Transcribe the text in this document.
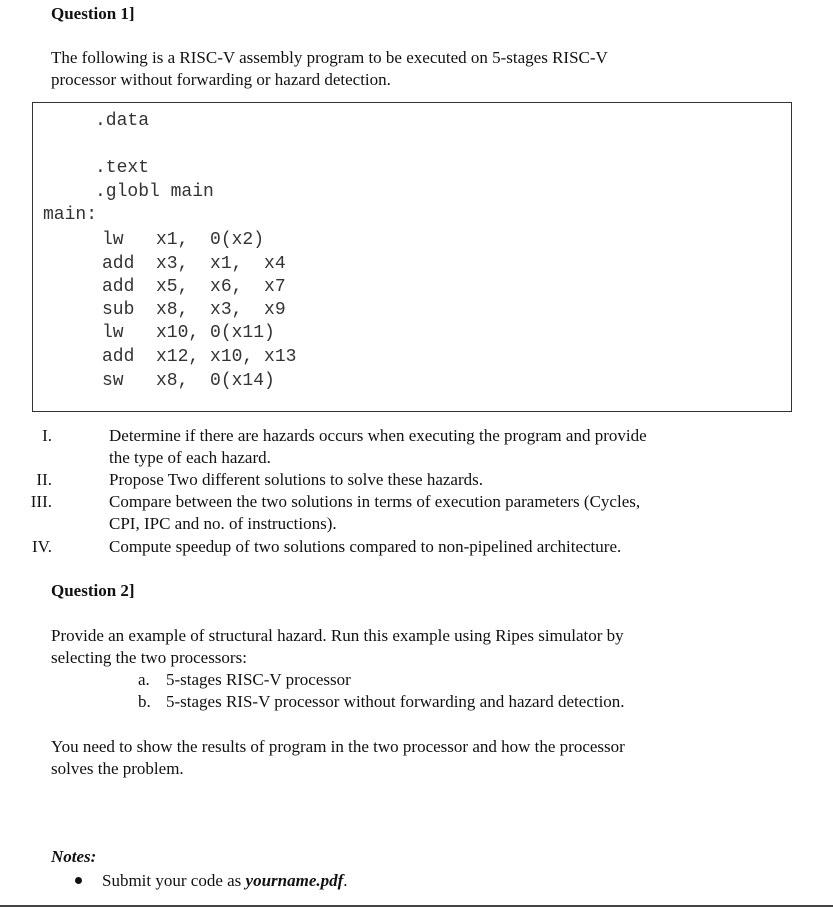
Question 1]
The following is a RISC-V assembly program to be executed on 5-stages RISC-V
processor without forwarding or hazard detection.
.data
.text
.globl main
main:
lw   x1,  0(x2)
add  x3,  x1,  x4
add  x5,  x6,  x7
sub  x8,  x3,  x9
lw   x10, 0(x11)
add  x12, x10, x13
sw   x8,  0(x14)
I.	Determine if there are hazards occurs when executing the program and provide
the type of each hazard.
II.	Propose Two different solutions to solve these hazards.
III.	Compare between the two solutions in terms of execution parameters (Cycles,
CPI, IPC and no. of instructions).
IV.	Compute speedup of two solutions compared to non-pipelined architecture.
Question 2]
Provide an example of structural hazard. Run this example using Ripes simulator by
selecting the two processors:
a. 5-stages RISC-V processor
b. 5-stages RIS-V processor without forwarding and hazard detection.
You need to show the results of program in the two processor and how the processor
solves the problem.
Notes:
Submit your code as yourname.pdf.
